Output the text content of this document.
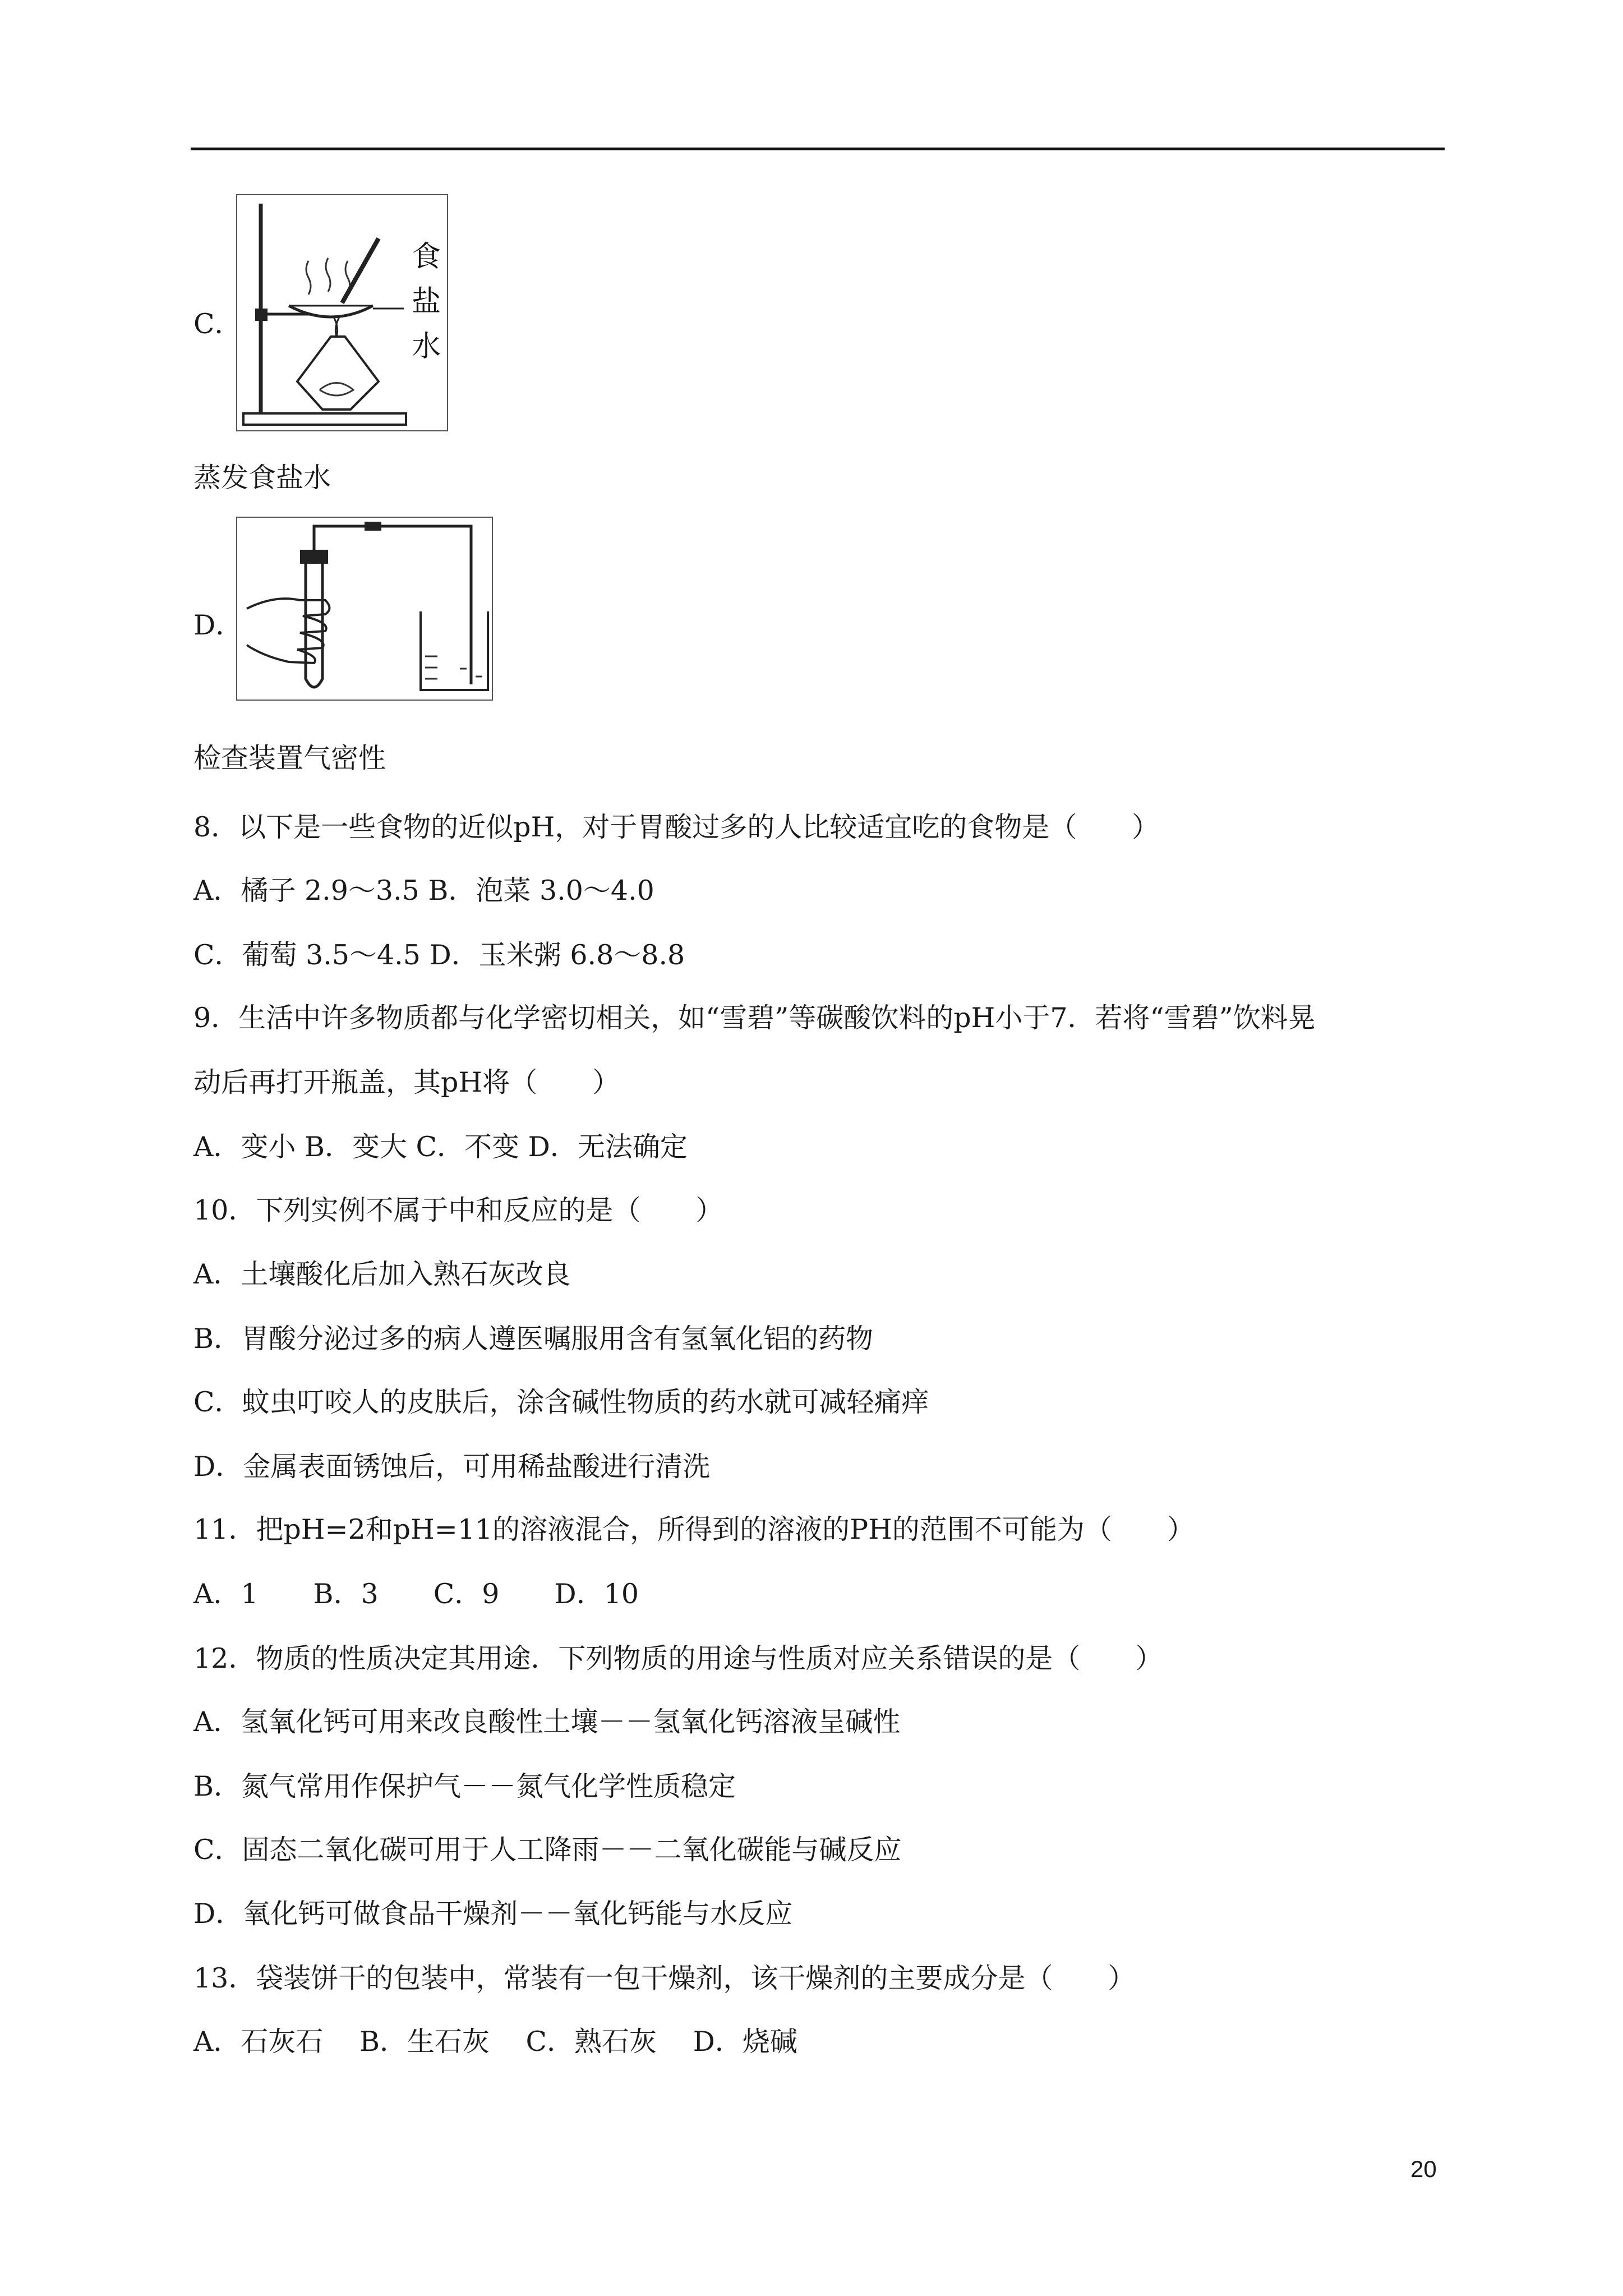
C．
食
盐
水
蒸发食盐水
D．
检查装置气密性
8．以下是一些食物的近似pH，对于胃酸过多的人比较适宜吃的食物是（　　）
A．橘子 2.9～3.5 B．泡菜 3.0～4.0
C．葡萄 3.5～4.5 D．玉米粥 6.8～8.8
9．生活中许多物质都与化学密切相关，如“雪碧”等碳酸饮料的pH小于7．若将“雪碧”饮料晃
动后再打开瓶盖，其pH将（　　）
A．变小 B．变大 C．不变 D．无法确定
10．下列实例不属于中和反应的是（　　）
A．土壤酸化后加入熟石灰改良
B．胃酸分泌过多的病人遵医嘱服用含有氢氧化铝的药物
C．蚊虫叮咬人的皮肤后，涂含碱性物质的药水就可减轻痛痒
D．金属表面锈蚀后，可用稀盐酸进行清洗
11．把pH=2和pH=11的溶液混合，所得到的溶液的PH的范围不可能为（　　）
A．1　　B．3　　C．9　　D．10
12．物质的性质决定其用途．下列物质的用途与性质对应关系错误的是（　　）
A．氢氧化钙可用来改良酸性土壤－－氢氧化钙溶液呈碱性
B．氮气常用作保护气－－氮气化学性质稳定
C．固态二氧化碳可用于人工降雨－－二氧化碳能与碱反应
D．氧化钙可做食品干燥剂－－氧化钙能与水反应
13．袋装饼干的包装中，常装有一包干燥剂，该干燥剂的主要成分是（　　）
A．石灰石　 B．生石灰　 C．熟石灰　 D．烧碱
20
